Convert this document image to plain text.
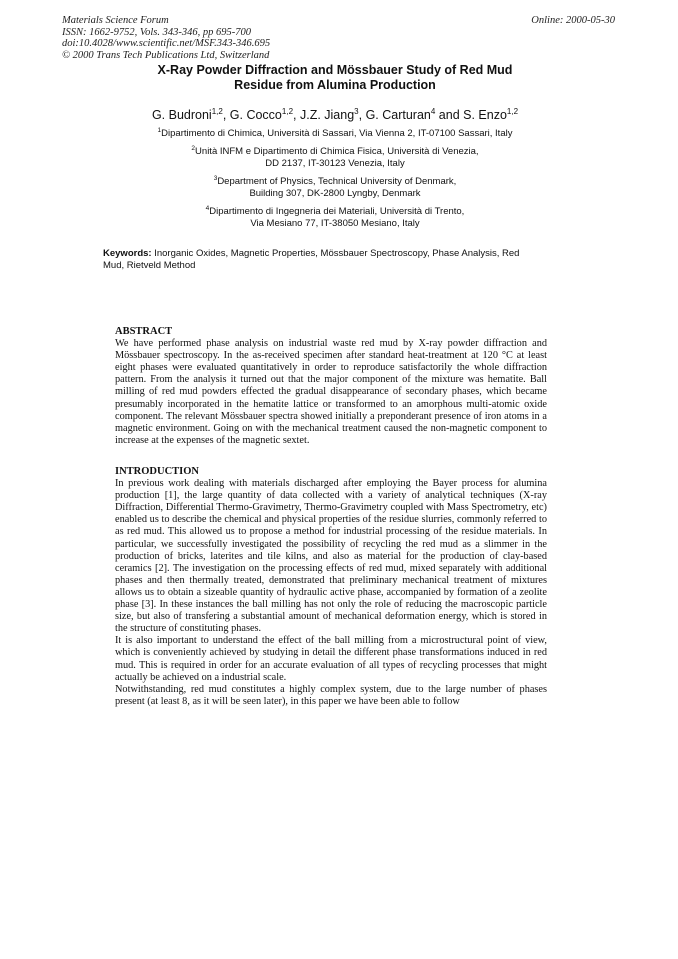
Materials Science Forum
ISSN: 1662-9752, Vols. 343-346, pp 695-700
doi:10.4028/www.scientific.net/MSF.343-346.695
© 2000 Trans Tech Publications Ltd, Switzerland
Online: 2000-05-30
X-Ray Powder Diffraction and Mössbauer Study of Red Mud
Residue from Alumina Production
G. Budroni$^{1,2}$, G. Cocco$^{1,2}$, J.Z. Jiang$^3$, G. Carturan$^4$ and S. Enzo$^{1,2}$
$^1$Dipartimento di Chimica, Università di Sassari, Via Vienna 2, IT-07100 Sassari, Italy
$^2$Unità INFM e Dipartimento di Chimica Fisica, Università di Venezia,
DD 2137, IT-30123 Venezia, Italy
$^3$Department of Physics, Technical University of Denmark,
Building 307, DK-2800 Lyngby, Denmark
$^4$Dipartimento di Ingegneria dei Materiali, Università di Trento,
Via Mesiano 77, IT-38050 Mesiano, Italy
Keywords: Inorganic Oxides, Magnetic Properties, Mössbauer Spectroscopy, Phase Analysis, Red Mud, Rietveld Method
ABSTRACT

We have performed phase analysis on industrial waste red mud by X-ray powder diffraction and Mössbauer spectroscopy. In the as-received specimen after standard heat-treatment at 120 °C at least eight phases were evaluated quantitatively in order to reproduce satisfactorily the whole diffraction pattern. From the analysis it turned out that the major component of the mixture was hematite. Ball milling of red mud powders effected the gradual disappearance of secondary phases, which became presumably incorporated in the hematite lattice or transformed to an amorphous multi-atomic oxide component. The relevant Mössbauer spectra showed initially a preponderant presence of iron atoms in a magnetic environment. Going on with the mechanical treatment caused the non-magnetic component to increase at the expenses of the magnetic sextet.

INTRODUCTION

In previous work dealing with materials discharged after employing the Bayer process for alumina production [1], the large quantity of data collected with a variety of analytical techniques (X-ray Diffraction, Differential Thermo-Gravimetry, Thermo-Gravimetry coupled with Mass Spectrometry, etc) enabled us to describe the chemical and physical properties of the residue slurries, commonly referred to as red mud. This allowed us to propose a method for industrial processing of the residue materials. In particular, we successfully investigated the possibility of recycling the red mud as a slimmer in the production of bricks, laterites and tile kilns, and also as material for the production of clay-based ceramics [2]. The investigation on the processing effects of red mud, mixed separately with additional phases and then thermally treated, demonstrated that preliminary mechanical treatment of mixtures allows us to obtain a sizeable quantity of hydraulic active phase, accompanied by formation of a zeolite phase [3]. In these instances the ball milling has not only the role of reducing the macroscopic particle size, but also of transfering a substantial amount of mechanical deformation energy, which is stored in the structure of constituting phases.

It is also important to understand the effect of the ball milling from a microstructural point of view, which is conveniently achieved by studying in detail the different phase transformations induced in red mud. This is required in order for an accurate evaluation of all types of recycling processes that might actually be achieved on a industrial scale.

Notwithstanding, red mud constitutes a highly complex system, due to the large number of phases present (at least 8, as it will be seen later), in this paper we have been able to follow
